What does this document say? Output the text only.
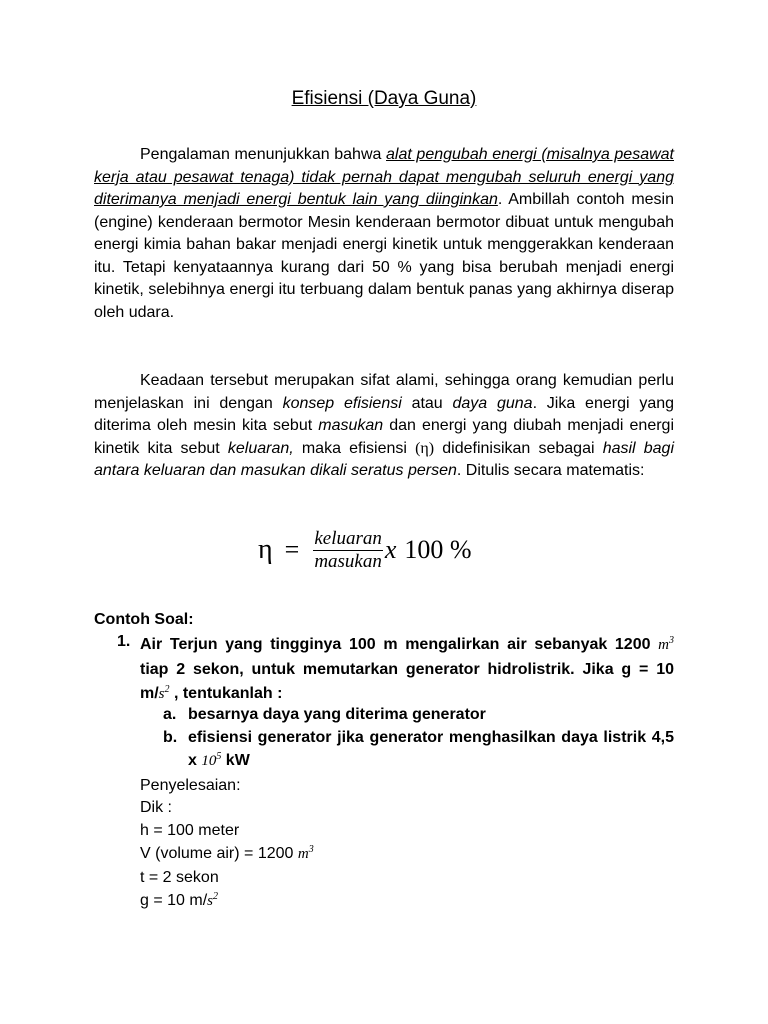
Efisiensi (Daya Guna)

Pengalaman menunjukkan bahwa alat pengubah energi (misalnya pesawat kerja atau pesawat tenaga) tidak pernah dapat mengubah seluruh energi yang diterimanya menjadi energi bentuk lain yang diinginkan. Ambillah contoh mesin (engine) kenderaan bermotor Mesin kenderaan bermotor dibuat untuk mengubah energi kimia bahan bakar menjadi energi kinetik untuk menggerakkan kenderaan itu. Tetapi kenyataannya kurang dari 50 % yang bisa berubah menjadi energi kinetik, selebihnya energi itu terbuang dalam bentuk panas yang akhirnya diserap oleh udara.

Keadaan tersebut merupakan sifat alami, sehingga orang kemudian perlu menjelaskan ini dengan konsep efisiensi atau daya guna. Jika energi yang diterima oleh mesin kita sebut masukan dan energi yang diubah menjadi energi kinetik kita sebut keluaran, maka efisiensi (η) didefinisikan sebagai hasil bagi antara keluaran dan masukan dikali seratus persen. Ditulis secara matematis:

$\eta = \frac{\text{keluaran}}{\text{masukan}}$ x 100 %
Contoh Soal:
1. Air Terjun yang tingginya 100 m mengalirkan air sebanyak 1200 $m^3$ tiap 2 sekon, untuk memutarkan generator hidrolistrik. Jika g = 10 $m/s^2$ , tentukanlah :

a. besarnya daya yang diterima generator
b. efisiensi generator jika generator menghasilkan daya listrik 4,5 x $10^5$ kW
Penyelesaian:
Dik :
h = 100 meter
V (volume air) = 1200 $m^3$
t = 2 sekon
g = 10 $m/s^2$
